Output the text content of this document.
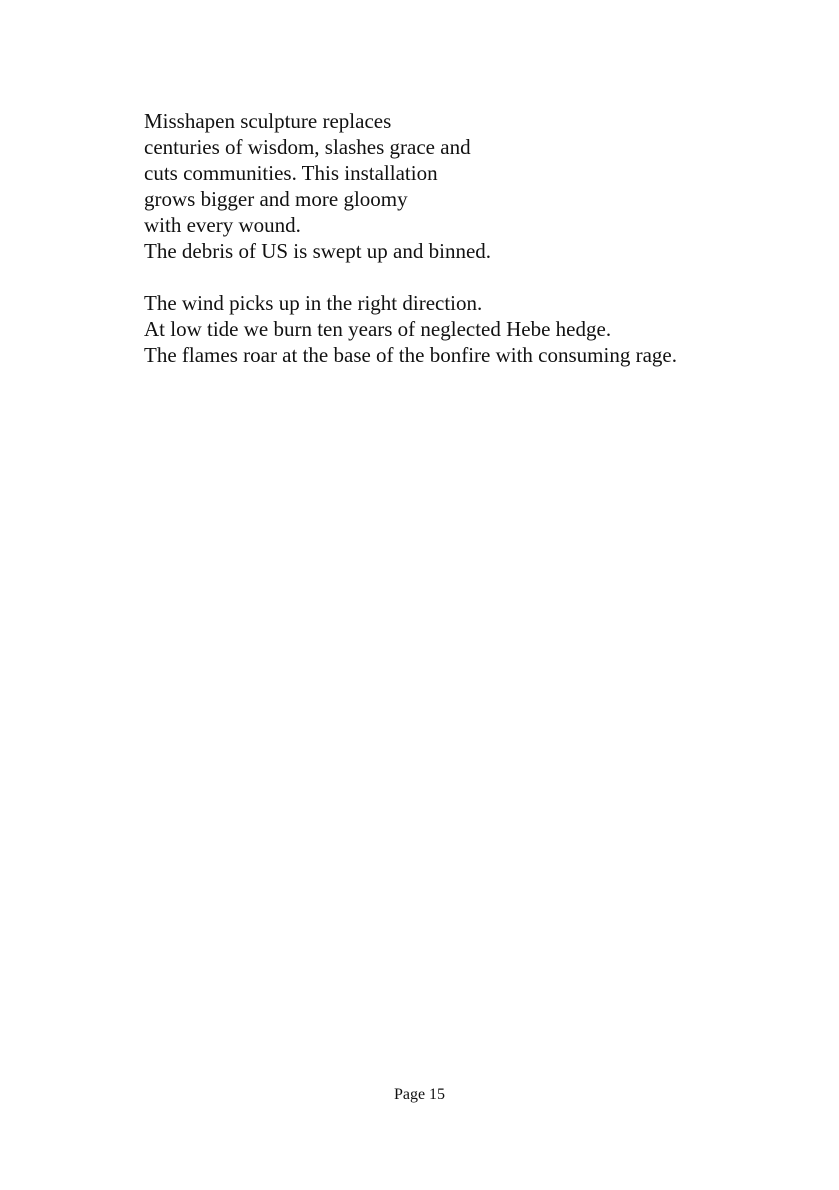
Misshapen sculpture replaces
centuries of wisdom, slashes grace and
cuts communities. This installation
grows bigger and more gloomy
with every wound.
The debris of US is swept up and binned.
The wind picks up in the right direction.
At low tide we burn ten years of neglected Hebe hedge.
The flames roar at the base of the bonfire with consuming rage.
Page 15
